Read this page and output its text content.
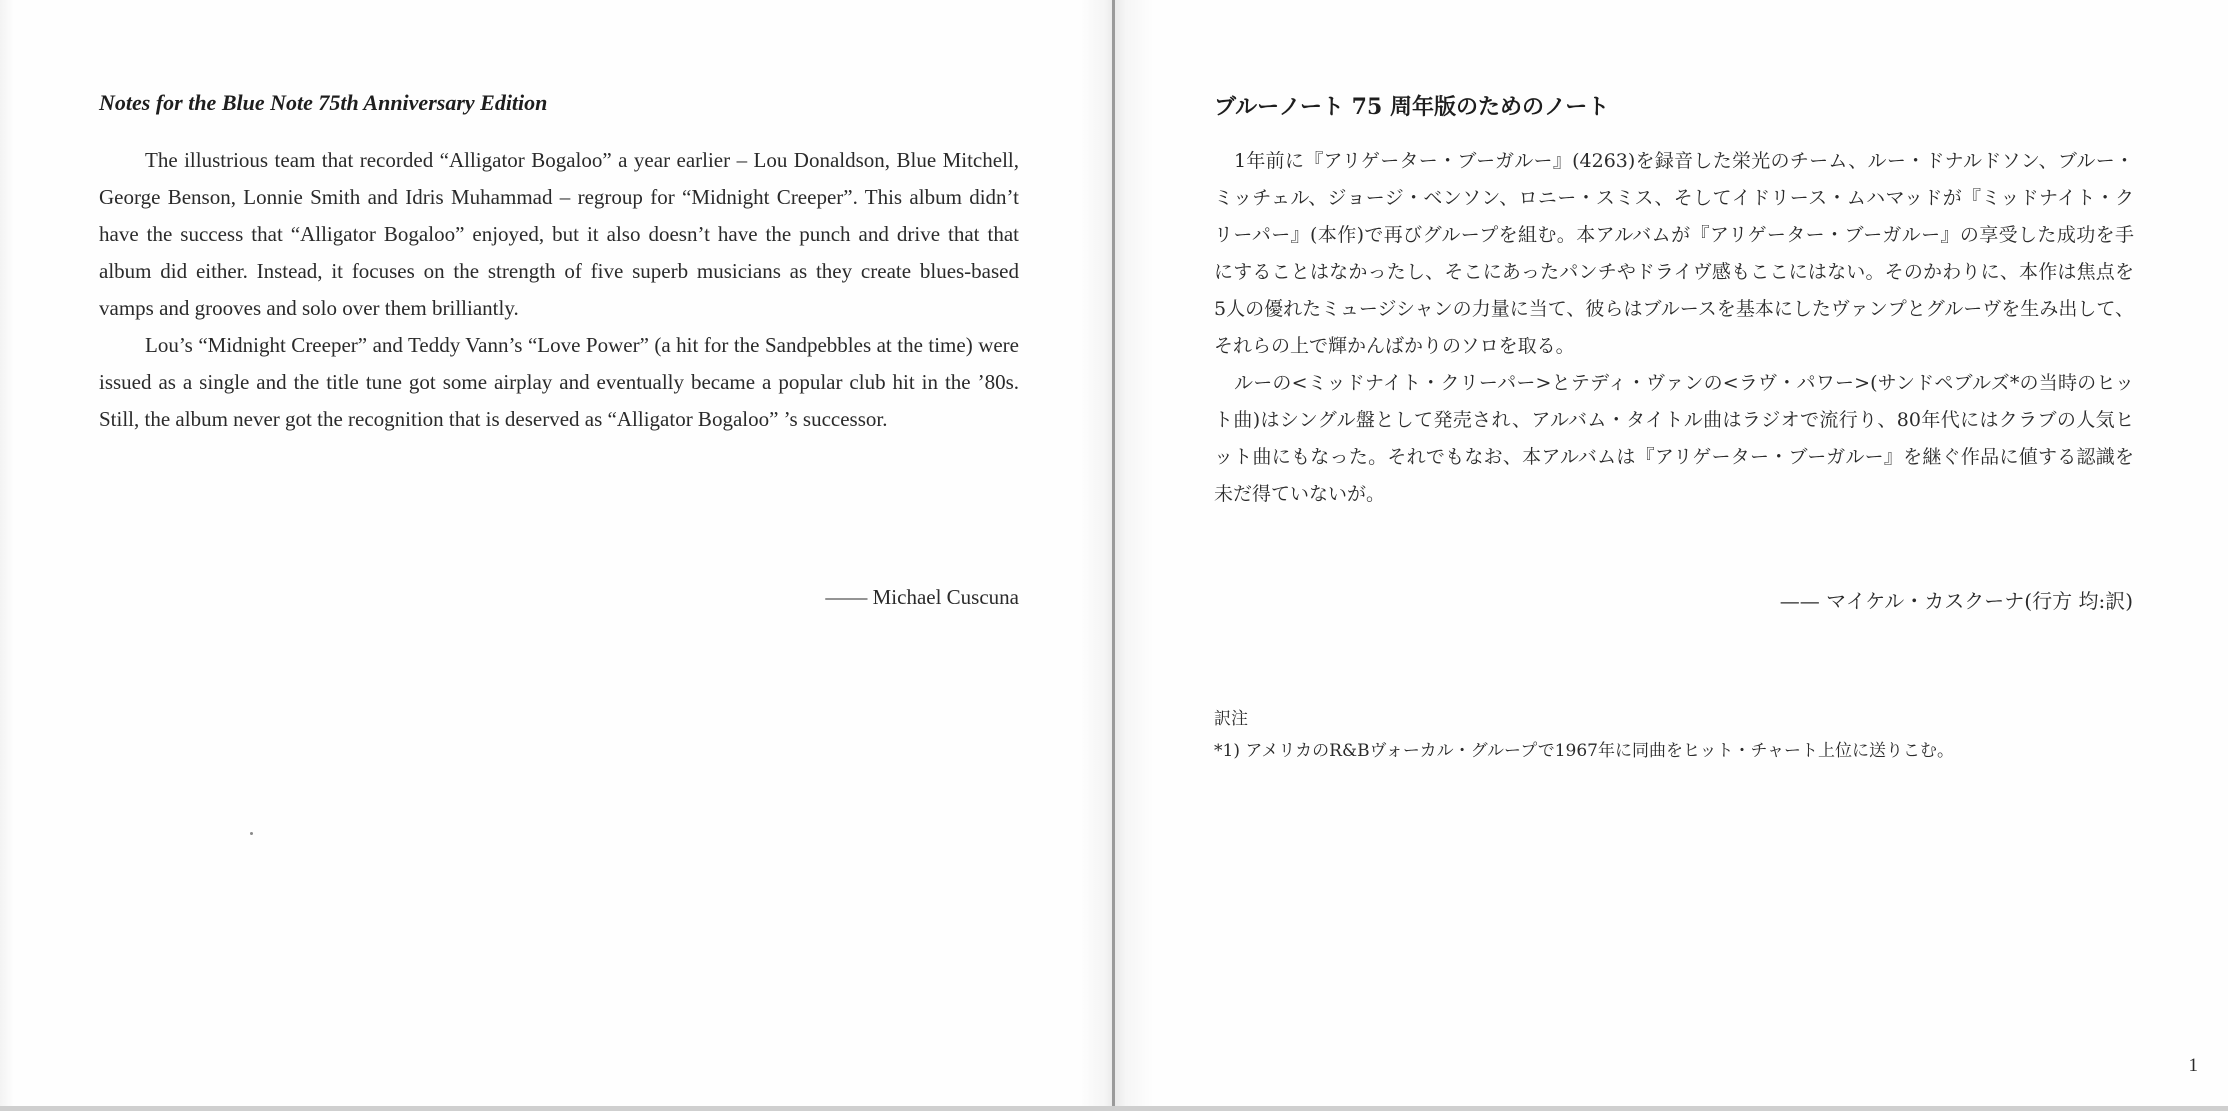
Notes for the Blue Note 75th Anniversary Edition

The illustrious team that recorded “Alligator Bogaloo” a year earlier – Lou Donaldson, Blue Mitchell, George Benson, Lonnie Smith and Idris Muhammad – regroup for “Midnight Creeper”. This album didn’t have the success that “Alligator Bogaloo” enjoyed, but it also doesn’t have the punch and drive that that album did either. Instead, it focuses on the strength of five superb musicians as they create blues-based vamps and grooves and solo over them brilliantly.

Lou’s “Midnight Creeper” and Teddy Vann’s “Love Power” (a hit for the Sandpebbles at the time) were issued as a single and the title tune got some airplay and eventually became a popular club hit in the ’80s. Still, the album never got the recognition that is deserved as “Alligator Bogaloo” ’s successor.

—— Michael Cuscuna
ブルーノート 75 周年版のためのノート

1年前に『アリゲーター・ブーガルー』(4263)を録音した栄光のチーム、ルー・ドナルドソン、ブルー・ミッチェル、ジョージ・ベンソン、ロニー・スミス、そしてイドリース・ムハマッドが『ミッドナイト・クリーパー』(本作)で再びグループを組む。本アルバムが『アリゲーター・ブーガルー』の享受した成功を手にすることはなかったし、そこにあったパンチやドライヴ感もここにはない。そのかわりに、本作は焦点を5人の優れたミュージシャンの力量に当て、彼らはブルースを基本にしたヴァンプとグルーヴを生み出して、それらの上で輝かんばかりのソロを取る。

ルーの<ミッドナイト・クリーパー>とテディ・ヴァンの<ラヴ・パワー>(サンドペブルズ*の当時のヒット曲)はシングル盤として発売され、アルバム・タイトル曲はラジオで流行り、80年代にはクラブの人気ヒット曲にもなった。それでもなお、本アルバムは『アリゲーター・ブーガルー』を継ぐ作品に値する認識を未だ得ていないが。

—— マイケル・カスクーナ(行方 均:訳)
訳注
*1) アメリカのR&Bヴォーカル・グループで1967年に同曲をヒット・チャート上位に送りこむ。
1
